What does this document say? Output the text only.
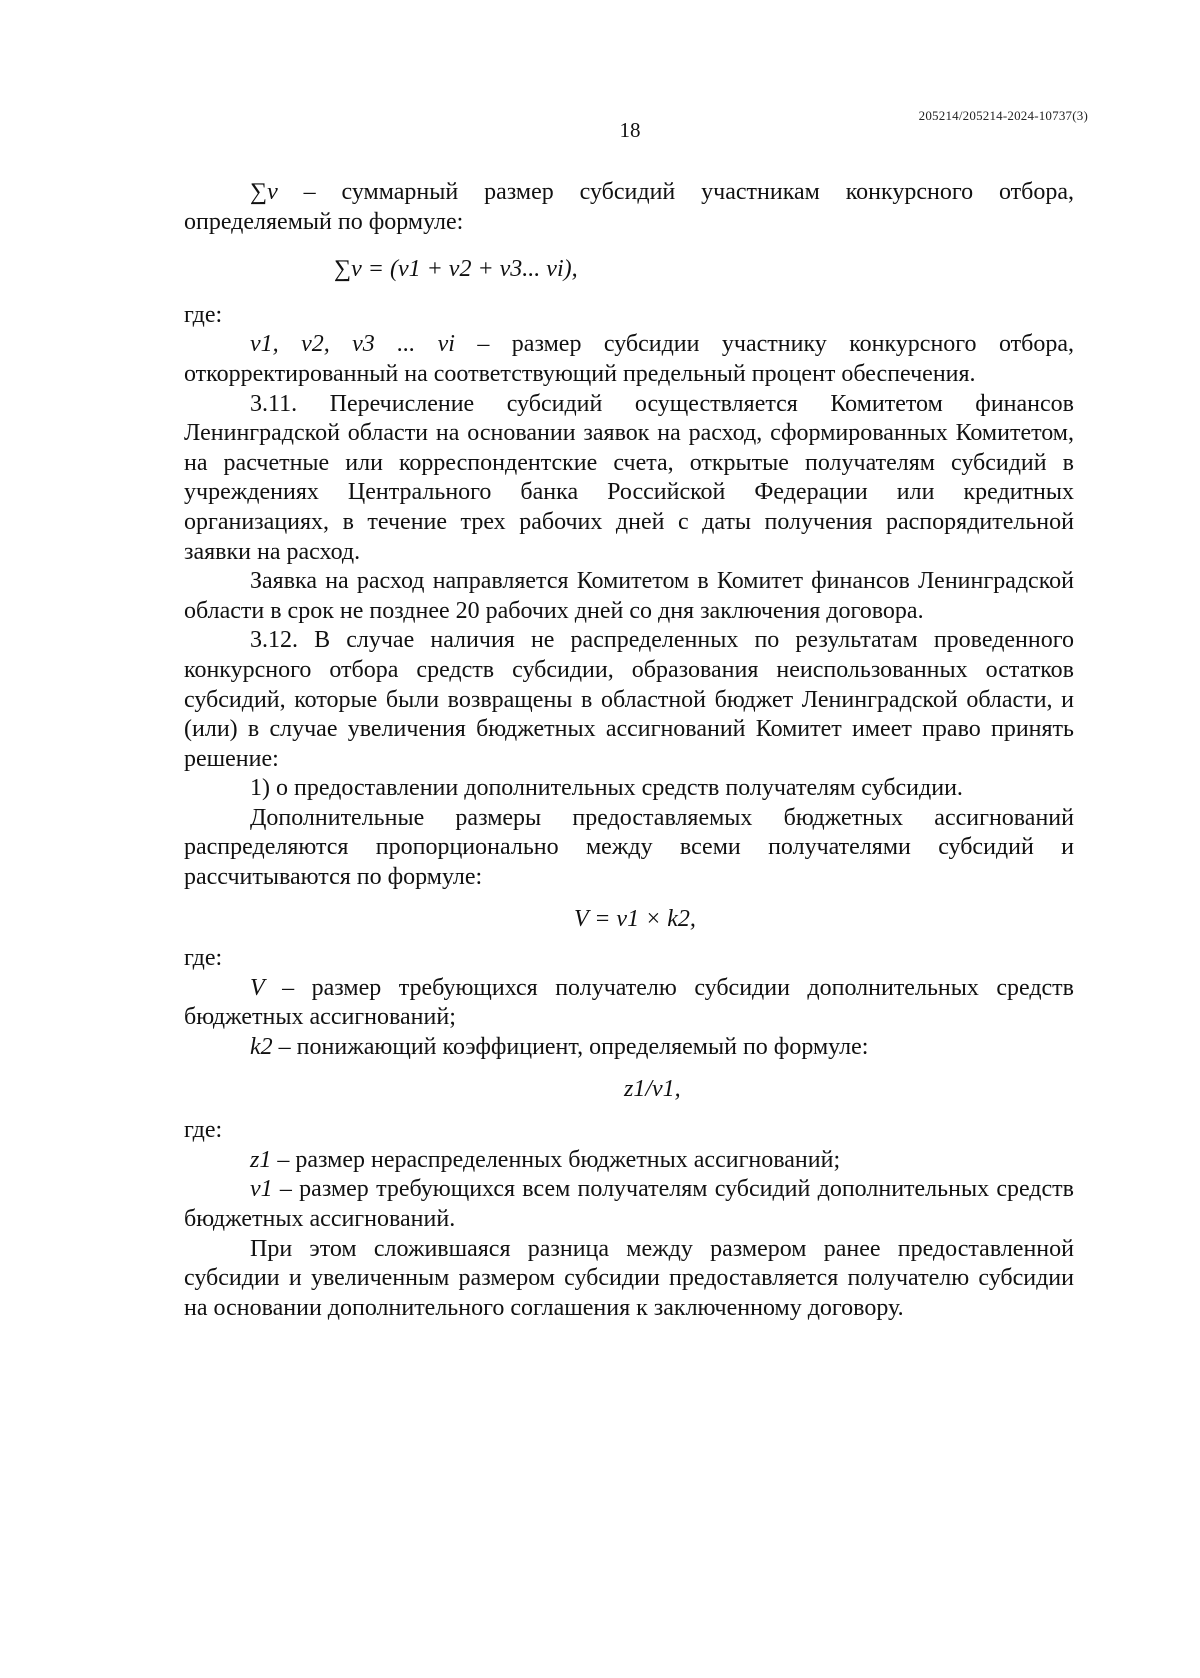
205214/205214-2024-10737(3)
18

∑v – суммарный размер субсидий участникам конкурсного отбора, определяемый по формуле:

∑v = (v1 + v2 + v3... vi),

где:

v1, v2, v3 ... vi – размер субсидии участнику конкурсного отбора, откорректированный на соответствующий предельный процент обеспечения.

3.11. Перечисление субсидий осуществляется Комитетом финансов Ленинградской области на основании заявок на расход, сформированных Комитетом, на расчетные или корреспондентские счета, открытые получателям субсидий в учреждениях Центрального банка Российской Федерации или кредитных организациях, в течение трех рабочих дней с даты получения распорядительной заявки на расход.

Заявка на расход направляется Комитетом в Комитет финансов Ленинградской области в срок не позднее 20 рабочих дней со дня заключения договора.

3.12. В случае наличия не распределенных по результатам проведенного конкурсного отбора средств субсидии, образования неиспользованных остатков субсидий, которые были возвращены в областной бюджет Ленинградской области, и (или) в случае увеличения бюджетных ассигнований Комитет имеет право принять решение:

1) о предоставлении дополнительных средств получателям субсидии.

Дополнительные размеры предоставляемых бюджетных ассигнований распределяются пропорционально между всеми получателями субсидий и рассчитываются по формуле:

V = v1 × k2,

где:

V – размер требующихся получателю субсидии дополнительных средств бюджетных ассигнований;

k2 – понижающий коэффициент, определяемый по формуле:

z1/v1,

где:

z1 – размер нераспределенных бюджетных ассигнований;

v1 – размер требующихся всем получателям субсидий дополнительных средств бюджетных ассигнований.

При этом сложившаяся разница между размером ранее предоставленной субсидии и увеличенным размером субсидии предоставляется получателю субсидии на основании дополнительного соглашения к заключенному договору.
